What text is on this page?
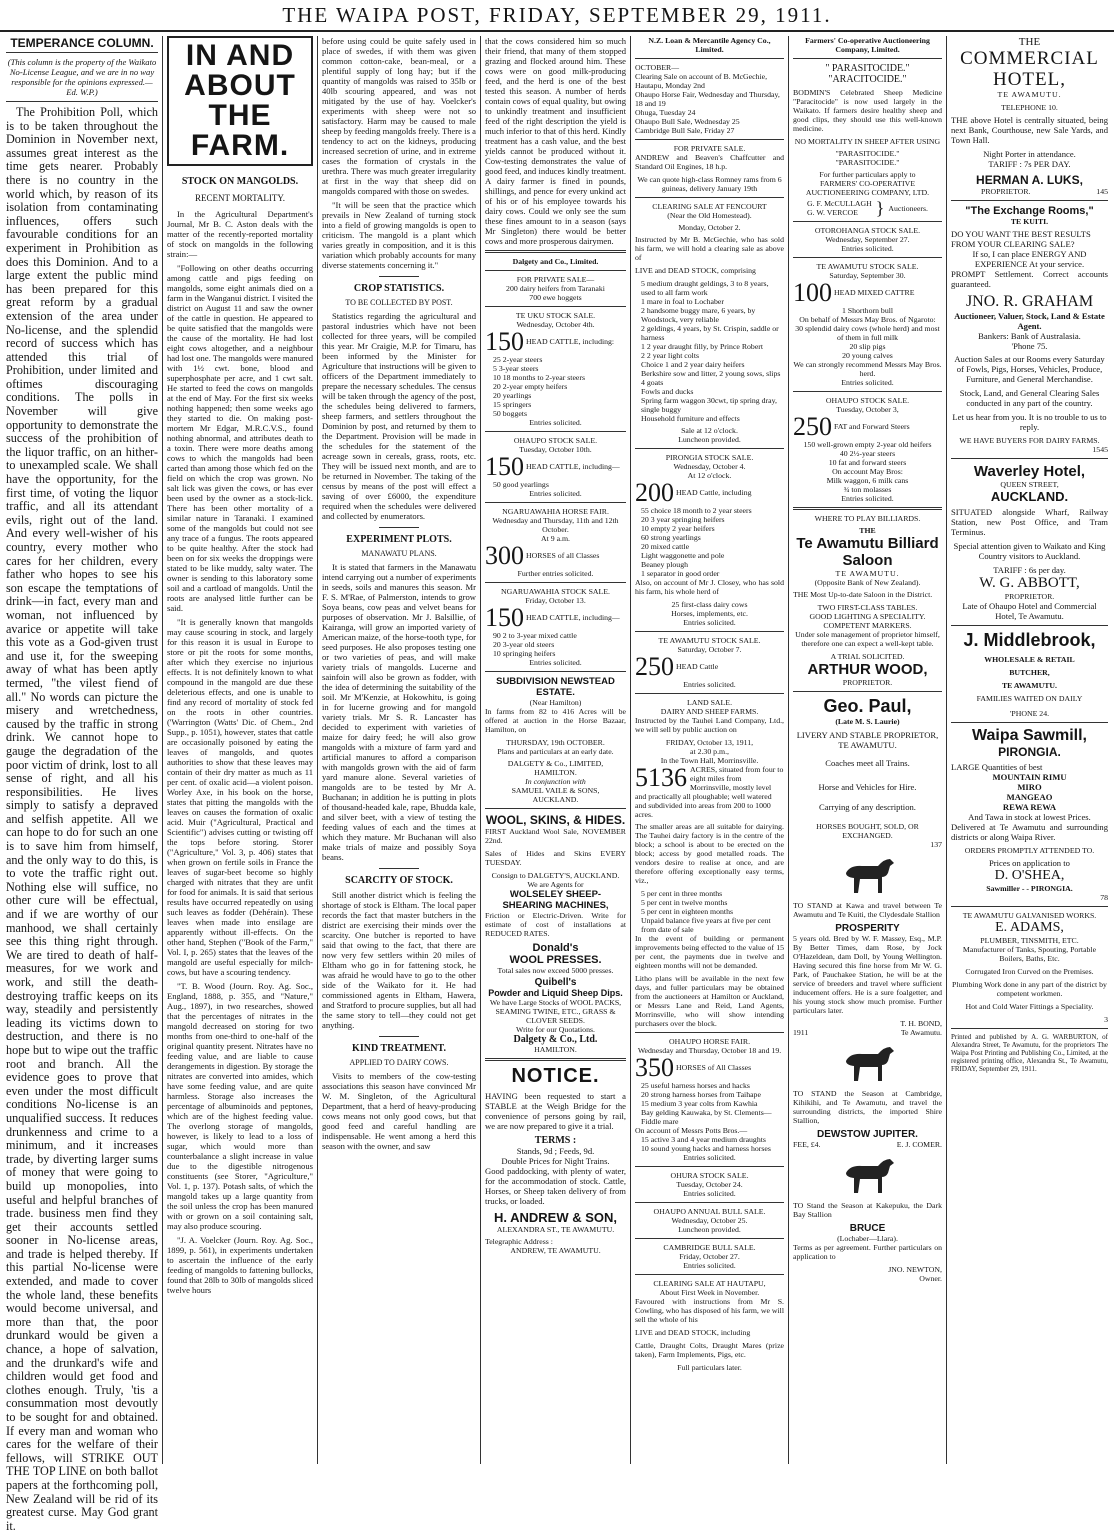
THE WAIPA POST, FRIDAY, SEPTEMBER 29, 1911.
TEMPERANCE COLUMN.

(This column is the property of the Waikato No-License League, and we are in no way responsible for the opinions expressed.—Ed. W.P.)

The Prohibition Poll, which is to be taken throughout the Dominion in November next, assumes great interest as the time gets nearer. Probably there is no country in the world which, by reason of its isolation from contaminating influences, offers such favourable conditions for an experiment in Prohibition as does this Dominion. And to a large extent the public mind has been prepared for this great reform by a gradual extension of the area under No-license, and the splendid record of success which has attended this trial of Prohibition, under limited and oftimes discouraging conditions. The polls in November will give opportunity to demonstrate the success of the prohibition of the liquor traffic, on an hither-to unexampled scale. We shall have the opportunity, for the first time, of voting the liquor traffic, and all its attendant evils, right out of the land. And every well-wisher of his country, every mother who cares for her children, every father who hopes to see his son escape the temptations of drink—in fact, every man and woman, not influenced by avarice or appetite will take this vote as a God-given trust and use it, for the sweeping away of what has been aptly termed, "the vilest fiend of all." No words can picture the misery and wretchedness, caused by the traffic in strong drink. We cannot hope to gauge the degradation of the poor victim of drink, lost to all sense of right, and all his responsibilities. He lives simply to satisfy a depraved and selfish appetite. All we can hope to do for such an one is to save him from himself, and the only way to do this, is to vote the traffic right out. Nothing else will suffice, no other cure will be effectual, and if we are worthy of our manhood, we shall certainly see this thing right through. We are tired to death of half-measures, for we work and work, and still the death-destroying traffic keeps on its way, steadily and persistently leading its victims down to destruction, and there is no hope but to wipe out the traffic root and branch. All the evidence goes to prove that even under the most difficult conditions No-license is an unqualified success. It reduces drunkenness and crime to a minimum, and it increases trade, by diverting larger sums of money that were going to build up monopolies, into useful and helpful branches of trade. business men find they get their accounts settled sooner in No-license areas, and trade is helped thereby. If this partial No-license were extended, and made to cover the whole land, these benefits would become universal, and more than that, the poor drunkard would be given a chance, a hope of salvation, and the drunkard's wife and children would get food and clothes enough. Truly, 'tis a consummation most devoutly to be sought for and obtained. If every man and woman who cares for the welfare of their fellows, will STRIKE OUT THE TOP LINE on both ballot papers at the forthcoming poll, New Zealand will be rid of its greatest curse. May God grant it.

IN AND ABOUT THE FARM.
STOCK ON MANGOLDS.
RECENT MORTALITY.

In the Agricultural Department's Journal, Mr B. C. Aston deals with the matter of the recently-reported mortality of stock on mangolds in the following strain:—

"Following on other deaths occurring among cattle and pigs feeding on mangolds, some eight animals died on a farm in the Wanganui district. I visited the district on August 11 and saw the owner of the cattle in question. He appeared to be quite satisfied that the mangolds were the cause of the mortality. He had lost eight cows altogether, and a neighbour had lost one. The mangolds were manured with 1½ cwt. bone, blood and superphosphate per acre, and 1 cwt salt. He started to feed the cows on mangolds at the end of May. For the first six weeks nothing happened; then some weeks ago they started to die. On making post-mortem Mr Edgar, M.R.C.V.S., found nothing abnormal, and attributes death to a toxin. There were more deaths among cows to which the mangolds had been carted than among those which fed on the field on which the crop was grown. No salt lick was given the cows, or has ever been used by the owner as a stock-lick. There has been other mortality of a similar nature in Taranaki. I examined some of the mangolds but could not see any trace of a fungus. The roots appeared to be quite healthy. After the stock had been on for six weeks the droppings were stated to be like muddy, salty water. The owner is sending to this laboratory some soil and a cartload of mangolds. Until the roots are analysed little further can be said.

"It is generally known that mangolds may cause scouring in stock, and largely for this reason it is usual in Europe to store or pit the roots for some months, after which they exercise no injurious effects. It is not definitely known to what compound in the mangold are due these deleterious effects, and one is unable to find any record of mortality of stock fed on the roots in other countries. ('Warrington (Watts' Dic. of Chem., 2nd Supp., p. 1051), however, states that cattle are occasionally poisoned by eating the leaves of mangolds, and quotes authorities to show that these leaves may contain of their dry matter as much as 11 per cent. of oxalic acid—a violent poison. Worley Axe, in his book on the horse, states that pitting the mangolds with the leaves on causes the formation of oxalic acid. Muir ("Agricultural, Practical and Scientific") advises cutting or twisting off the tops before storing. Storer ("Agriculture," Vol. 3, p. 406) states that when grown on fertile soils in France the leaves of sugar-beet become so highly charged with nitrates that they are unfit for food for animals. It is said that serious results have occurred repeatedly on using such leaves as fodder (Dehérain). These leaves when made into ensilage are apparently without ill-effects. On the other hand, Stephen ("Book of the Farm," Vol. I, p. 265) states that the leaves of the mangold are useful especially for milch-cows, but have a scouring tendency.

"T. B. Wood (Journ. Roy. Ag. Soc., England, 1888, p. 355, and "Nature," Aug., 1897), in two researches, showed that the percentages of nitrates in the mangold decreased on storing for two months from one-third to one-half of the original quantity present. Nitrates have no feeding value, and are liable to cause derangements in digestion. By storage the nitrates are converted into amides, which have some feeding value, and are quite harmless. Storage also increases the percentage of albuminoids and peptones, which are of the highest feeding value. The overlong storage of mangolds, however, is likely to lead to a loss of sugar, which would more than counterbalance a slight increase in value due to the digestible nitrogenous constituents (see Storer, "Agriculture," Vol. 1, p. 137). Potash salts, of which the mangold takes up a large quantity from the soil unless the crop has been manured with or grown on a soil containing salt, may also produce scouring.

"J. A. Voelcker (Journ. Roy. Ag. Soc., 1899, p. 561), in experiments undertaken to ascertain the influence of the early feeding of mangolds to fattening bullocks, found that 28lb to 30lb of mangolds sliced twelve hours

before using could be quite safely used in place of swedes, if with them was given common cotton-cake, bean-meal, or a plentiful supply of long hay; but if the quantity of mangolds was raised to 35lb or 40lb scouring appeared, and was not mitigated by the use of hay. Voelcker's experiments with sheep were not so satisfactory. Harm may be caused to male sheep by feeding mangolds freely. There is a tendency to act on the kidneys, producing increased secretion of urine, and in extreme cases the formation of crystals in the urethra. There was much greater irregularity at first in the way that sheep did on mangolds compared with those on swedes.

"It will be seen that the practice which prevails in New Zealand of turning stock into a field of growing mangolds is open to criticism. The mangold is a plant which varies greatly in composition, and it is this variation which probably accounts for many diverse statements concerning it."

CROP STATISTICS.
TO BE COLLECTED BY POST.

Statistics regarding the agricultural and pastoral industries which have not been collected for three years, will be compiled this year. Mr Craigie, M.P. for Timaru, has been informed by the Minister for Agriculture that instructions will be given to officers of the Department immediately to prepare the necessary schedules. The census will be taken through the agency of the post, the schedules being delivered to farmers, sheep farmers, and settlers throughout the Dominion by post, and returned by them to the Department. Provision will be made in the schedules for the statement of the acreage sown in cereals, grass, roots, etc. They will be issued next month, and are to be returned in November. The taking of the census by means of the post will effect a saving of over £6000, the expenditure required when the schedules were delivered and collected by enumerators.

EXPERIMENT PLOTS.
MANAWATU PLANS.

It is stated that farmers in the Manawatu intend carrying out a number of experiments in seeds, soils and manures this season. Mr F. S. M'Rae, of Palmerston, intends to grow Soya beans, cow peas and velvet beans for purposes of observation. Mr J. Balsillie, of Kairanga, will grow an imported variety of American maize, of the horse-tooth type, for seed purposes. He also proposes testing one or two varieties of peas, and will make variety trials of mangolds. Lucerne and sainfoin will also be grown as fodder, with the idea of determining the suitability of the soil. Mr M'Kenzie, at Hokowhitu, is going in for lucerne growing and for mangold variety trials. Mr S. R. Lancaster has decided to experiment with varieties of maize for dairy feed; he will also grow mangolds with a mixture of farm yard and artificial manures to afford a comparison with mangolds grown with the aid of farm yard manure alone. Several varieties of mangolds are to be tested by Mr A. Buchanan; in addition he is putting in plots of thousand-headed kale, rape, Bhudda kale, and silver beet, with a view of testing the feeding values of each and the times at which they mature. Mr Buchanan will also make trials of maize and possibly Soya beans.

SCARCITY OF STOCK.

Still another district which is feeling the shortage of stock is Eltham. The local paper records the fact that master butchers in the district are exercising their minds over the scarcity. One butcher is reported to have said that owing to the fact, that there are now very few settlers within 20 miles of Eltham who go in for fattening stock, he was afraid he would have to go to the other side of the Waikato for it. He had commissioned agents in Eltham, Hawera, and Stratford to procure supplies, but all had the same story to tell—they could not get anything.

KIND TREATMENT.
APPLIED TO DAIRY COWS.

Visits to members of the cow-testing associations this season have convinced Mr W. M. Singleton, of the Agricultural Department, that a herd of heavy-producing cows means not only good cows, but that good feed and careful handling are indispensable. He went among a herd this season with the owner, and saw

that the cows considered him so much their friend, that many of them stopped grazing and flocked around him. These cows were on good milk-producing feed, and the herd is one of the best tested this season. A number of herds contain cows of equal quality, but owing to unkindly treatment and insufficient feed of the right description the yield is much inferior to that of this herd. Kindly treatment has a cash value, and the best yields cannot be produced without it. Cow-testing demonstrates the value of good feed, and induces kindly treatment. A dairy farmer is fined in pounds, shillings, and pence for every unkind act of his or of his employee towards his dairy cows. Could we only see the sum these fines amount to in a season (says Mr Singleton) there would be better cows and more prosperous dairymen.

Dalgety and Co., Limited.
FOR PRIVATE SALE—
200 dairy heifers from Taranaki
700 ewe hoggets
TE UKU STOCK SALE.
Wednesday, October 4th.
150 HEAD CATTLE, including:
25 2-year steers
5 3-year steers
10 18 months to 2-year steers
20 2-year empty heifers
20 yearlings
15 springers
50 boggets
Entries solicited.
OHAUPO STOCK SALE.
Tuesday, October 10th.
150 HEAD CATTLE, including—
50 good yearlings
Entries solicited.
NGARUAWAHIA HORSE FAIR.
Wednesday and Thursday, 11th and 12th October.
At 9 a.m.
300 HORSES of all Classes
Further entries solicited.
NGARUAWAHIA STOCK SALE.
Friday, October 13.
150 HEAD CATTLE, including—
90 2 to 3-year mixed cattle
20 3-year old steers
10 springing heifers
Entries solicited.
SUBDIVISION NEWSTEAD ESTATE.
(Near Hamilton)

In farms from 82 to 416 Acres will be offered at auction in the Horse Bazaar, Hamilton, on

THURSDAY, 19th OCTOBER.
Plans and particulars at an early date.
DALGETY & Co., LIMITED,
HAMILTON.
In conjunction with
SAMUEL VAILE & SONS,
AUCKLAND.
WOOL, SKINS, & HIDES.

FIRST Auckland Wool Sale, NOVEMBER 22nd.

Sales of Hides and Skins EVERY TUESDAY.

Consign to DALGETY'S, AUCKLAND.
We are Agents for
WOLSELEY SHEEP-SHEARING MACHINES,

Friction or Electric-Driven. Write for estimate of cost of installations at REDUCED RATES.

Donald's
WOOL PRESSES.
Total sales now exceed 5000 presses.
Quibell's
Powder and Liquid Sheep Dips.
We have Large Stocks of WOOL PACKS, SEAMING TWINE, ETC., GRASS & CLOVER SEEDS.
Write for our Quotations.
Dalgety & Co., Ltd.
HAMILTON.
NOTICE.

HAVING been requested to start a STABLE at the Weigh Bridge for the convenience of persons going by rail, we are now prepared to give it a trial.

TERMS :
Stands, 9d ; Feeds, 9d.
Double Prices for Night Trains.

Good paddocking, with plenty of water, for the accommodation of stock. Cattle, Horses, or Sheep taken delivery of from trucks, or loaded.

H. ANDREW & SON,
ALEXANDRA ST., TE AWAMUTU.
Telegraphic Address :
ANDREW, TE AWAMUTU.
N.Z. Loan & Mercantile Agency Co., Limited.
OCTOBER—
Clearing Sale on account of B. McGechie, Hautapu, Monday 2nd
Ohaupo Horse Fair, Wednesday and Thursday, 18 and 19
Ohuga, Tuesday 24
Ohaupo Bull Sale, Wednesday 25
Cambridge Bull Sale, Friday 27
FOR PRIVATE SALE.

ANDREW and Beaven's Chaffcutter and Standard Oil Engines, 18 h.p.

We can quote high-class Romney rams from 6 guineas, delivery January 19th

CLEARING SALE AT FENCOURT
(Near the Old Homestead).
Monday, October 2.

Instructed by Mr B. McGechie, who has sold his farm, we will hold a clearing sale as above of

LIVE and DEAD STOCK, comprising

5 medium draught geldings, 3 to 8 years, used to all farm work
1 mare in foal to Lochaber
2 handsome buggy mare, 6 years, by Woodstock, very reliable
2 geldings, 4 years, by St. Crispin, saddle or harness
1 2 year draught filly, by Prince Robert
2 2 year light colts
Choice 1 and 2 year dairy heifers
Berkshire sow and litter, 2 young sows, slips
4 goats
Fowls and ducks
Spring farm waggon 30cwt, tip spring dray, single buggy
Household furniture and effects
Sale at 12 o'clock.
Luncheon provided.
PIRONGIA STOCK SALE.
Wednesday, October 4.
At 12 o'clock.
200 HEAD Cattle, including
55 choice 18 month to 2 year steers
20 3 year springing heifers
10 empty 2 year heifers
60 strong yearlings
20 mixed cattle
Light waggonette and pole
Beaney plough
1 separator in good order

Also, on account of Mr J. Closey, who has sold his farm, his whole herd of

25 first-class dairy cows
Horses, implements, etc.
Entries solicited.
TE AWAMUTU STOCK SALE.
Saturday, October 7.
250 HEAD Cattle
Entries solicited.
LAND SALE.
DAIRY AND SHEEP FARMS.

Instructed by the Tauhei Land Company, Ltd., we will sell by public auction on

FRIDAY, October 13, 1911,
at 2.30 p.m.,
In the Town Hall, Morrinsville.
5136 ACRES, situated from four to eight miles from Morrinsville, mostly level and practically all ploughable; well watered and subdivided into areas from 200 to 1000 acres.

The smaller areas are all suitable for dairying. The Tauhei dairy factory is in the centre of the block; a school is about to be erected on the block; access by good metalled roads. The vendors desire to realise at once, and are therefore offering exceptionally easy terms, viz.,

5 per cent in three months
5 per cent in twelve months
5 per cent in eighteen months
Unpaid balance five years at five per cent from date of sale

In the event of building or permanent improvements being effected to the value of 15 per cent, the payments due in twelve and eighteen months will not be demanded.

Litho plans will be available in the next few days, and fuller particulars may be obtained from the auctioneers at Hamilton or Auckland, or Messrs Lane and Reid, Land Agents, Morrinsville, who will show intending purchasers over the block.

OHAUPO HORSE FAIR.
Wednesday and Thursday, October 18 and 19.
350 HORSES of All Classes
25 useful harness horses and hacks
20 strong harness horses from Taihape
15 medium 3 year colts from Kawhia
Bay gelding Kauwaka, by St. Clements—Fiddle mare
On account of Messrs Potts Bros.—
15 active 3 and 4 year medium draughts
10 sound young hacks and harness horses
Entries solicited.
OHURA STOCK SALE.
Tuesday, October 24.
Entries solicited.
OHAUPO ANNUAL BULL SALE.
Wednesday, October 25.
Luncheon provided.
CAMBRIDGE BULL SALE.
Friday, October 27.
Entries solicited.
CLEARING SALE AT HAUTAPU,
About First Week in November.

Favoured with instructions from Mr S. Cowling, who has disposed of his farm, we will sell the whole of his

LIVE and DEAD STOCK, including

Cattle, Draught Colts, Draught Mares (prize taken), Farm Implements, Pigs, etc.

Full particulars later.
Farmers' Co-operative Auctioneering Company, Limited.
" PARASITOCIDE."
"ARACITOCIDE."

BODMIN'S Celebrated Sheep Medicine "Paracitocide" is now used largely in the Waikato. If farmers desire healthy sheep and good clips, they should use this well-known medicine.

NO MORTALITY IN SHEEP AFTER USING
"PARASITOCIDE."
"PARASITOCIDE."
For further particulars apply to
FARMERS' CO-OPERATIVE AUCTIONEERING COMPANY, LTD.
G. F. McCULLAGH
G. W. VERCOE } Auctioneers.
OTOROHANGA STOCK SALE.
Wednesday, September 27.
Entries solicited.
TE AWAMUTU STOCK SALE.
Saturday, September 30.
100 HEAD MIXED CATTRE
1 Shorthorn bull
On behalf of Messrs May Bros. of Ngaroto:
30 splendid dairy cows (whole herd) and most of them in full milk
20 slip pigs
20 young calves
We can strongly recommend Messrs May Bros. herd.
Entries solicited.
OHAUPO STOCK SALE.
Tuesday, October 3,
250 FAT and Forward Steers
150 well-grown empty 2-year old heifers
40 2½-year steers
10 fat and forward steers
On account May Bros:
Milk waggon, 6 milk cans
¾ ton molasses
Entries solicited.
WHERE TO PLAY BILLIARDS.
THE
Te Awamutu Billiard Saloon
TE AWAMUTU.
(Opposite Bank of New Zealand).

THE Most Up-to-date Saloon in the District.

TWO FIRST-CLASS TABLES.
GOOD LIGHTING A SPECIALITY. COMPETENT MARKERS.

Under sole management of proprietor himself, therefore one can expect a well-kept table.

A TRIAL SOLICITED.
ARTHUR WOOD,
PROPRIETOR.
Geo. Paul,
(Late M. S. Laurie)
LIVERY AND STABLE PROPRIETOR,
TE AWAMUTU.
Coaches meet all Trains.
Horse and Vehicles for Hire.
Carrying of any description.
HORSES BOUGHT, SOLD, OR EXCHANGED.
137

TO STAND at Kawa and travel between Te Awamutu and Te Kuiti, the Clydesdale Stallion

PROSPERITY

5 years old. Bred by W. F. Massey, Esq., M.P. By Better Times, dam Rose, by Jock O'Hazeldean, dam Doll, by Young Wellington. Having secured this fine horse from Mr W. G. Park, of Pauchakee Station, he will be at the service of breeders and travel where sufficient inducement offers. He is a sure foalgetter, and his young stock show much promise. Further particulars later.

T. H. BOND,
1911	Te Awamutu.

TO STAND the Season at Cambridge, Kihikihi, and Te Awamutu, and travel the surrounding districts, the imported Shire Stallion,

DEWSTOW JUPITER.
FEE, £4.	E. J. COMER.

TO Stand the Season at Kakepuku, the Dark Bay Stallion

BRUCE
(Lochaber—Llara).

Terms as per agreement. Further particulars on application to

JNO. NEWTON,
Owner.
THE
COMMERCIAL HOTEL,
TE AWAMUTU.
TELEPHONE 10.

THE above Hotel is centrally situated, being next Bank, Courthouse, new Sale Yards, and Town Hall.

Night Porter in attendance.
TARIFF : 7s PER DAY.
HERMAN A. LUKS,
PROPRIETOR.	145
"The Exchange Rooms,"
TE KUITI.
DO YOU WANT THE BEST RESULTS FROM YOUR CLEARING SALE?
If so, I can place ENERGY AND EXPERIENCE At your service.

PROMPT Settlement. Correct accounts guaranteed.

JNO. R. GRAHAM
Auctioneer, Valuer, Stock, Land & Estate Agent.
Bankers: Bank of Australasia.
'Phone 75.

Auction Sales at our Rooms every Saturday of Fowls, Pigs, Horses, Vehicles, Produce, Furniture, and General Merchandise.

Stock, Land, and General Clearing Sales conducted in any part of the country.

Let us hear from you. It is no trouble to us to reply.

WE HAVE BUYERS FOR DAIRY FARMS.
1545
Waverley Hotel,
QUEEN STREET,
AUCKLAND.

SITUATED alongside Wharf, Railway Station, new Post Office, and Tram Terminus.

Special attention given to Waikato and King Country visitors to Auckland.

TARIFF : 6s per day.
W. G. ABBOTT,
PROPRIETOR.

Late of Ohaupo Hotel and Commercial Hotel, Te Awamutu.

J. Middlebrook,
WHOLESALE & RETAIL
BUTCHER,
TE AWAMUTU.
FAMILIES WAITED ON DAILY
'PHONE 24.
Waipa Sawmill,
PIRONGIA.
LARGE Quantities of best
MOUNTAIN RIMU
MIRO
MANGEAO
REWA REWA
And Tawa in stock at lowest Prices.

Delivered at Te Awamutu and surrounding districts or along Waipa River.

ORDERS PROMPTLY ATTENDED TO.
Prices on application to
D. O'SHEA,
Sawmiller - - PIRONGIA.
78
TE AWAMUTU GALVANISED WORKS.
E. ADAMS,
PLUMBER, TINSMITH, ETC.

Manufacturer of Tanks, Spouting, Portable Boilers, Baths, Etc.

Corrugated Iron Curved on the Premises.

Plumbing Work done in any part of the district by competent workmen.

Hot and Cold Water Fittings a Speciality.

3

Printed and published by A. G. WARBURTON, of Alexandra Street, Te Awamutu, for the proprietors The Waipa Post Printing and Publishing Co., Limited, at the registered printing office, Alexandra St., Te Awamutu, FRIDAY, September 29, 1911.
